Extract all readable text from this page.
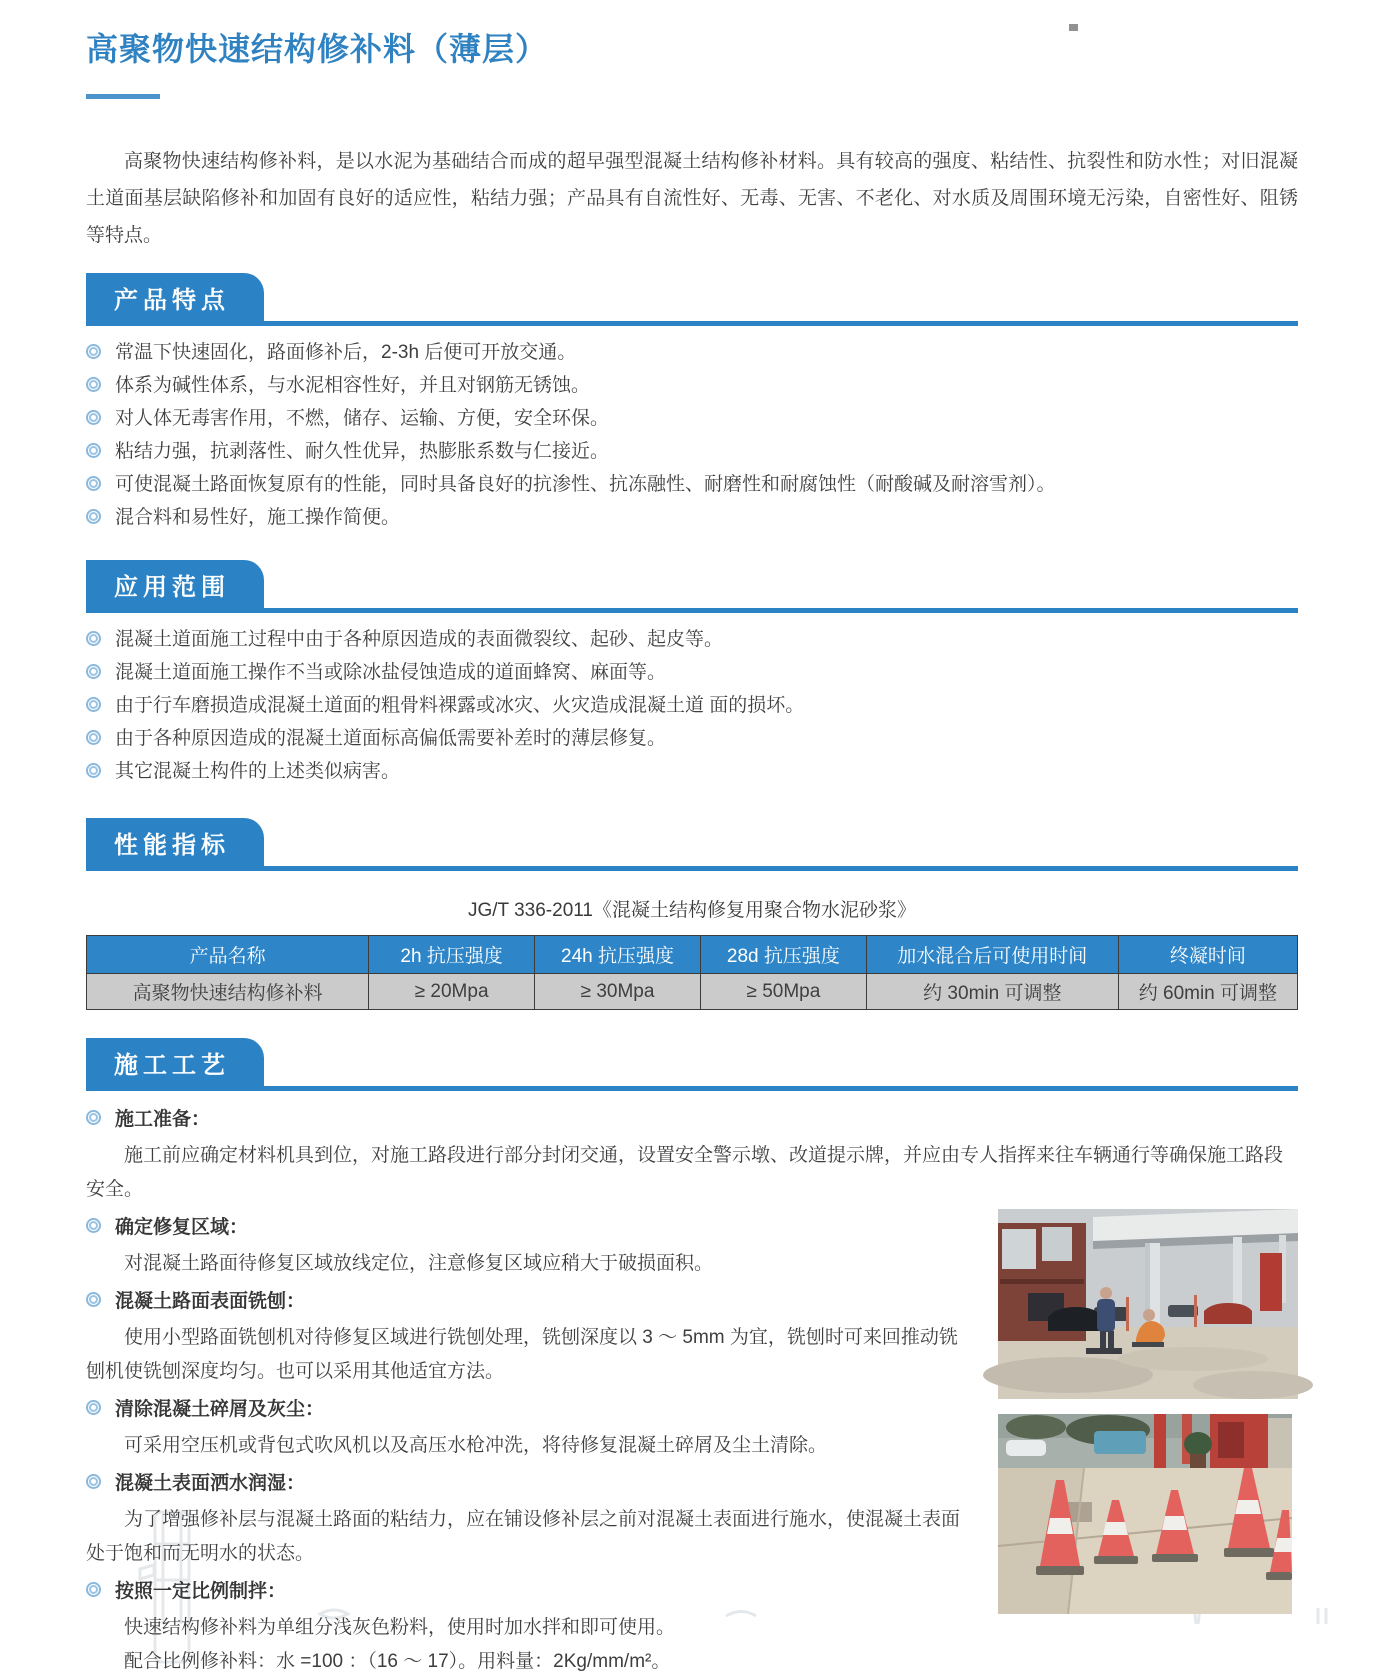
高聚物快速结构修补料（薄层）

高聚物快速结构修补料，是以水泥为基础结合而成的超早强型混凝土结构修补材料。具有较高的强度、粘结性、抗裂性和防水性；对旧混凝土道面基层缺陷修补和加固有良好的适应性，粘结力强；产品具有自流性好、无毒、无害、不老化、对水质及周围环境无污染，自密性好、阻锈等特点。

产品特点
常温下快速固化，路面修补后，2-3h 后便可开放交通。
体系为碱性体系，与水泥相容性好，并且对钢筋无锈蚀。
对人体无毒害作用，不燃，储存、运输、方便，安全环保。
粘结力强，抗剥落性、耐久性优异，热膨胀系数与仁接近。
可使混凝土路面恢复原有的性能，同时具备良好的抗渗性、抗冻融性、耐磨性和耐腐蚀性（耐酸碱及耐溶雪剂）。
混合料和易性好，施工操作简便。
应用范围
混凝土道面施工过程中由于各种原因造成的表面微裂纹、起砂、起皮等。
混凝土道面施工操作不当或除冰盐侵蚀造成的道面蜂窝、麻面等。
由于行车磨损造成混凝土道面的粗骨料裸露或冰灾、火灾造成混凝土道 面的损坏。
由于各种原因造成的混凝土道面标高偏低需要补差时的薄层修复。
其它混凝土构件的上述类似病害。
性能指标
JG/T 336-2011《混凝土结构修复用聚合物水泥砂浆》
产品名称	2h 抗压强度	24h 抗压强度	28d 抗压强度	加水混合后可使用时间	终凝时间
高聚物快速结构修补料	≥ 20Mpa	≥ 30Mpa	≥ 50Mpa	约 30min 可调整	约 60min 可调整
施工工艺
施工准备：

施工前应确定材料机具到位，对施工路段进行部分封闭交通，设置安全警示墩、改道提示牌，并应由专人指挥来往车辆通行等确保施工路段安全。

确定修复区域：

对混凝土路面待修复区域放线定位，注意修复区域应稍大于破损面积。

混凝土路面表面铣刨：

使用小型路面铣刨机对待修复区域进行铣刨处理，铣刨深度以 3 ～ 5mm 为宜，铣刨时可来回推动铣刨机使铣刨深度均匀。也可以采用其他适宜方法。

清除混凝土碎屑及灰尘：

可采用空压机或背包式吹风机以及高压水枪冲洗，将待修复混凝土碎屑及尘土清除。

混凝土表面洒水润湿：

为了增强修补层与混凝土路面的粘结力，应在铺设修补层之前对混凝土表面进行施水，使混凝土表面处于饱和而无明水的状态。

按照一定比例制拌：

快速结构修补料为单组分浅灰色粉料，使用时加水拌和即可使用。

配合比例修补料：水 =100 ：（16 ～ 17）。用料量：2Kg/mm/m²。
